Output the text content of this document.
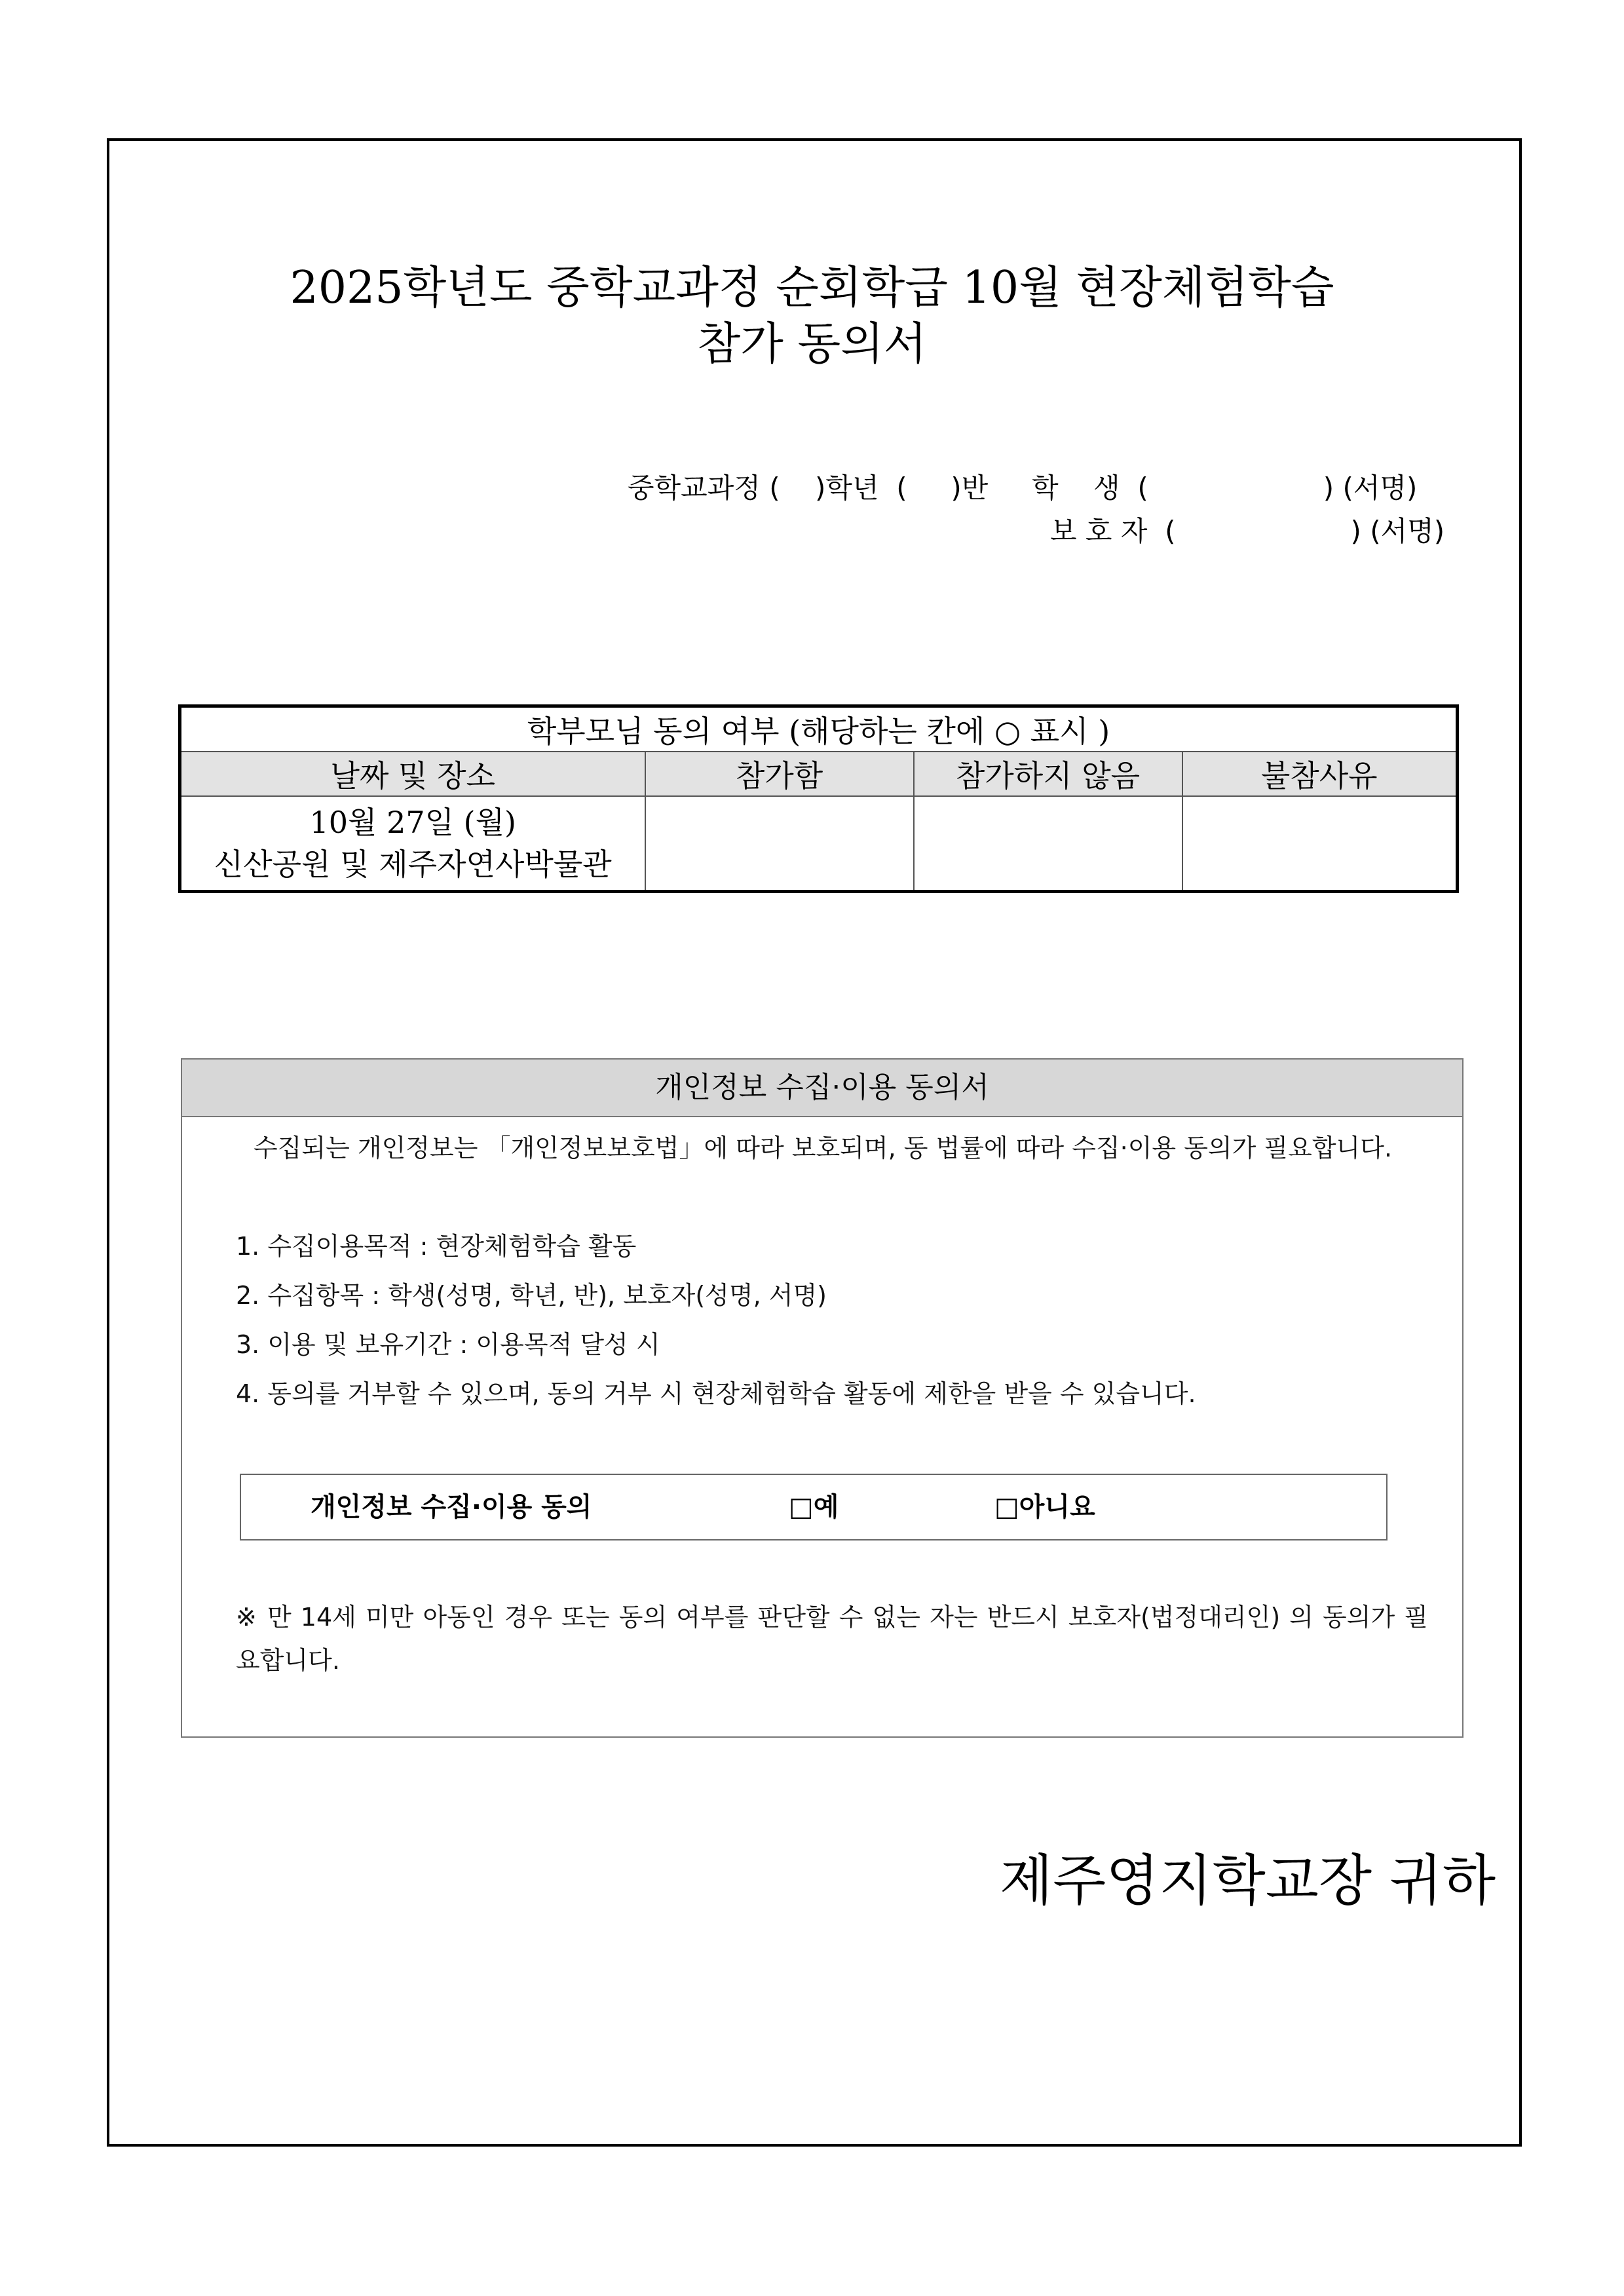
2025학년도 중학교과정 순회학급 10월 현장체험학습
참가 동의서
중학교과정 (    )학년  (     )반     학    생  (                    ) (서명)
보 호 자  (                    ) (서명)
학부모님 동의 여부 (해당하는 칸에 ○ 표시 )			
날짜 및 장소	참가함	참가하지 않음	불참사유

10월 27일 (월)
신산공원 및 제주자연사박물관			

개인정보 수집·이용 동의서
수집되는 개인정보는 「개인정보보호법」에 따라 보호되며, 동 법률에 따라 수집·이용 동의가 필요합니다.
1. 수집이용목적 : 현장체험학습 활동
2. 수집항목 : 학생(성명, 학년, 반), 보호자(성명, 서명)
3. 이용 및 보유기간 : 이용목적 달성 시
4. 동의를 거부할 수 있으며, 동의 거부 시 현장체험학습 활동에 제한을 받을 수 있습니다.
개인정보 수집·이용 동의	□예	□아니요
※ 만 14세 미만 아동인 경우 또는 동의 여부를 판단할 수 없는 자는 반드시 보호자(법정대리인) 의 동의가 필요합니다.
제주영지학교장 귀하
